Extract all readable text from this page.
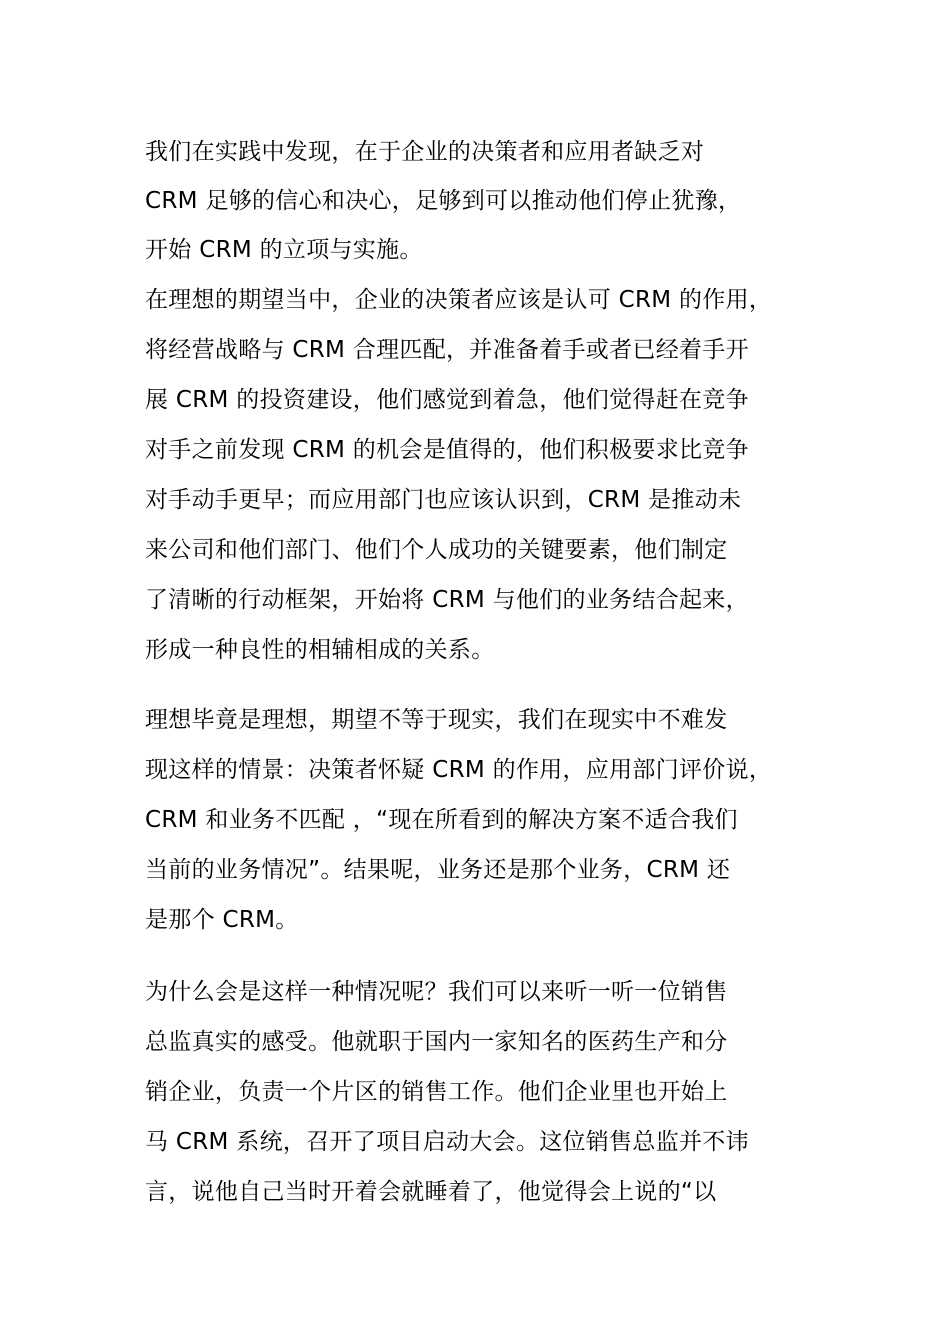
我们在实践中发现，在于企业的决策者和应用者缺乏对
CRM 足够的信心和决心，足够到可以推动他们停止犹豫，
开始 CRM 的立项与实施。
在理想的期望当中，企业的决策者应该是认可 CRM 的作用，
将经营战略与 CRM 合理匹配，并准备着手或者已经着手开
展 CRM 的投资建设，他们感觉到着急，他们觉得赶在竞争
对手之前发现 CRM 的机会是值得的，他们积极要求比竞争
对手动手更早；而应用部门也应该认识到，CRM 是推动未
来公司和他们部门、他们个人成功的关键要素，他们制定
了清晰的行动框架，开始将 CRM 与他们的业务结合起来，
形成一种良性的相辅相成的关系。
理想毕竟是理想，期望不等于现实，我们在现实中不难发
现这样的情景：决策者怀疑 CRM 的作用，应用部门评价说，
CRM 和业务不匹配 ，“现在所看到的解决方案不适合我们
当前的业务情况”。结果呢，业务还是那个业务，CRM 还
是那个 CRM。
为什么会是这样一种情况呢？我们可以来听一听一位销售
总监真实的感受。他就职于国内一家知名的医药生产和分
销企业，负责一个片区的销售工作。他们企业里也开始上
马 CRM 系统，召开了项目启动大会。这位销售总监并不讳
言，说他自己当时开着会就睡着了，他觉得会上说的“以
